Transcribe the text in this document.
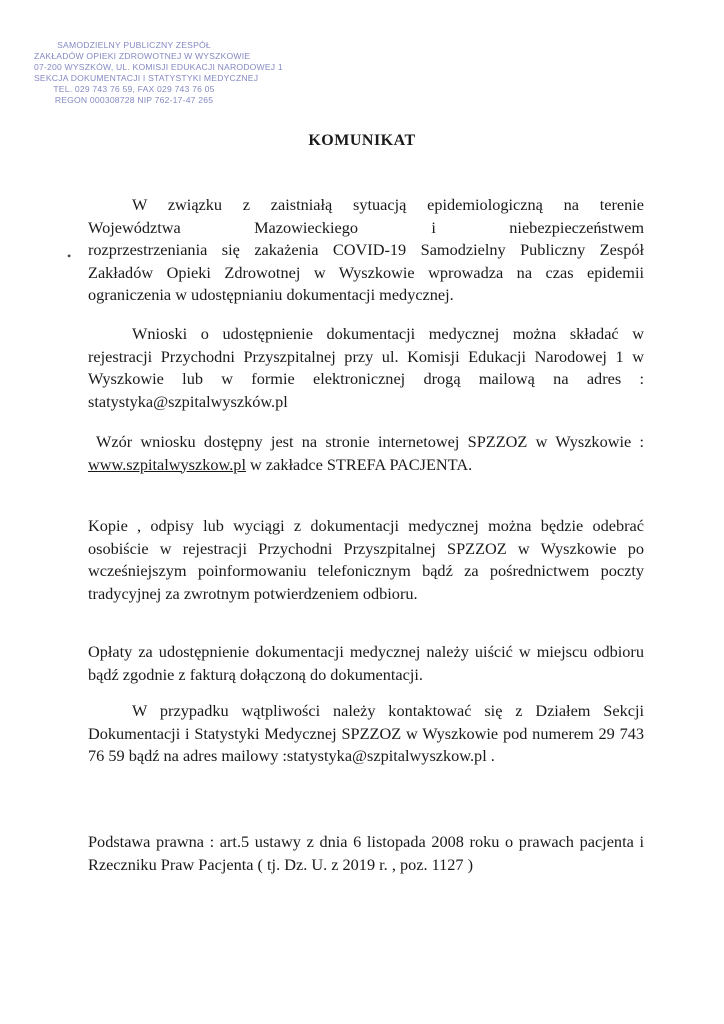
SAMODZIELNY PUBLICZNY ZESPÓŁ
ZAKŁADÓW OPIEKI ZDROWOTNEJ W WYSZKOWIE
07-200 WYSZKÓW, UL. KOMISJI EDUKACJI NARODOWEJ 1
SEKCJA DOKUMENTACJI I STATYSTYKI MEDYCZNEJ
TEL. 029 743 76 59, FAX 029 743 76 05
REGON 000308728 NIP 762-17-47 265
KOMUNIKAT
•
W związku z zaistniałą sytuacją epidemiologiczną na terenie
Województwa Mazowieckiego i niebezpieczeństwem
rozprzestrzeniania się zakażenia COVID-19 Samodzielny Publiczny Zespół Zakładów Opieki Zdrowotnej w Wyszkowie wprowadza na czas epidemii ograniczenia w udostępnianiu dokumentacji medycznej.
Wnioski o udostępnienie dokumentacji medycznej można składać w rejestracji Przychodni Przyszpitalnej przy ul. Komisji Edukacji Narodowej 1 w Wyszkowie lub w formie elektronicznej drogą mailową na adres : statystyka@szpitalwyszków.pl
Wzór wniosku dostępny jest na stronie internetowej SPZZOZ w Wyszkowie : www.szpitalwyszkow.pl w zakładce STREFA PACJENTA.
Kopie , odpisy lub wyciągi z dokumentacji medycznej można będzie odebrać osobiście w rejestracji Przychodni Przyszpitalnej SPZZOZ w Wyszkowie po wcześniejszym poinformowaniu telefonicznym bądź za pośrednictwem poczty tradycyjnej za zwrotnym potwierdzeniem odbioru.
Opłaty za udostępnienie dokumentacji medycznej należy uiścić w miejscu odbioru bądź zgodnie z fakturą dołączoną do dokumentacji.
W przypadku wątpliwości należy kontaktować się z Działem Sekcji Dokumentacji i Statystyki Medycznej SPZZOZ w Wyszkowie pod numerem 29 743 76 59 bądź na adres mailowy :statystyka@szpitalwyszkow.pl .
Podstawa prawna : art.5 ustawy z dnia 6 listopada 2008 roku o prawach pacjenta i Rzeczniku Praw Pacjenta ( tj. Dz. U. z 2019 r. , poz. 1127 )
